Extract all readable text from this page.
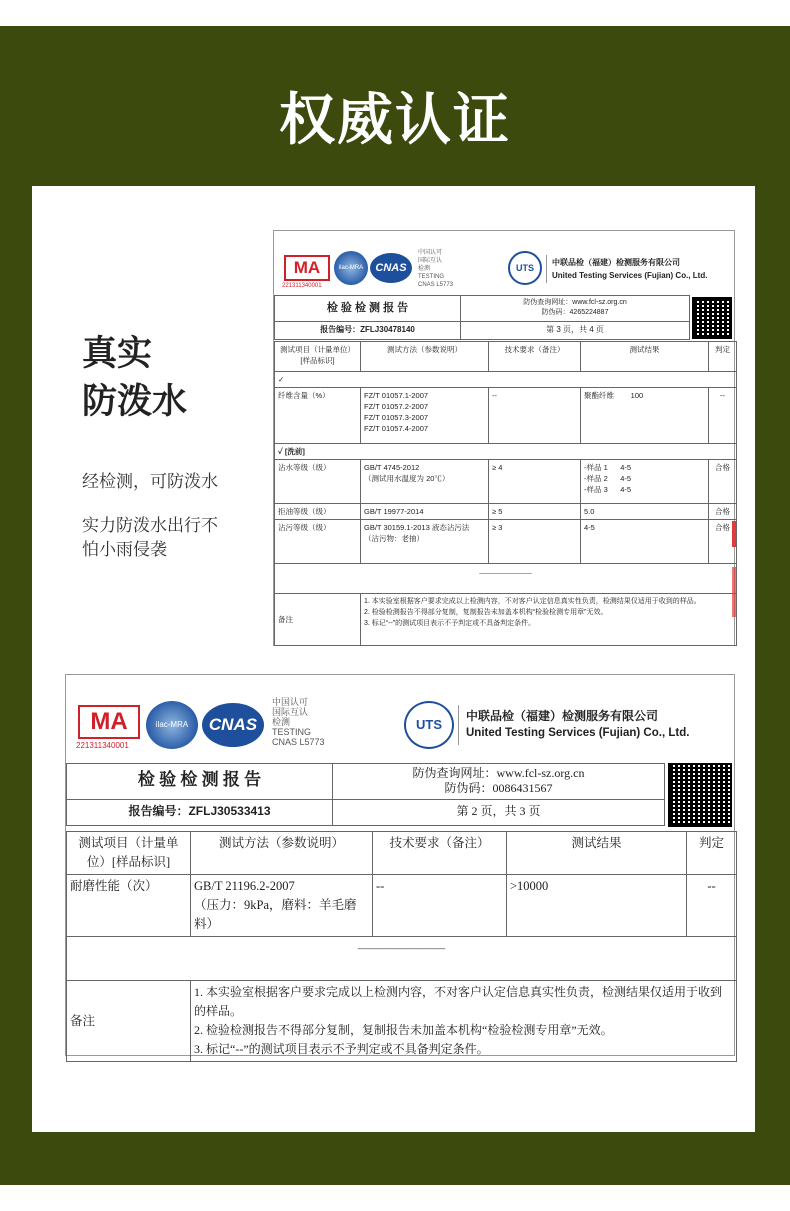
权威认证
真实
防泼水
经检测，可防泼水
实力防泼水出行不
怕小雨侵袭
MA
221311340001
ilac-MRA	CNAS
中国认可
国际互认
检测
TESTING
CNAS L5773
UTS
中联品检（福建）检测服务有限公司
United Testing Services (Fujian) Co., Ltd.
检 验 检 测 报 告	防伪查询网址：www.fcl-sz.org.cn
防伪码：4265224887

报告编号：ZFLJ30478140	第 3 页，共 4 页
测试项目（计量单位）[样品标识]	测试方法（参数说明）	技术要求（备注）	测试结果	判定
✓				
纤维含量（%）	FZ/T 01057.1-2007
FZ/T 01057.2-2007
FZ/T 01057.3-2007
FZ/T 01057.4-2007	--	聚酯纤维        100	--
✓ [洗前]				
沾水等级（级）	GB/T 4745-2012
（测试用水温度为 20℃）	≥ 4	-样品 1      4-5
-样品 2      4-5
-样品 3      4-5	合格
拒油等级（级）	GB/T 19977-2014	≥ 5	5.0	合格
沾污等级（级）	GB/T 30159.1-2013 液态沾污法
（沾污物：老抽）	≥ 3	4-5	合格
———————				
备注	1. 本实验室根据客户要求完成以上检测内容，不对客户认定信息真实性负责，检测结果仅适用于收到的样品。
2. 检验检测报告不得部分复制，复制报告未加盖本机构“检验检测专用章”无效。
3. 标记“--”的测试项目表示不予判定或不具备判定条件。			
MA
221311340001
ilac-MRA	CNAS
中国认可
国际互认
检测
TESTING
CNAS L5773
UTS
中联品检（福建）检测服务有限公司
United Testing Services (Fujian) Co., Ltd.
检 验 检 测 报 告	防伪查询网址：www.fcl-sz.org.cn
防伪码：0086431567

报告编号：ZFLJ30533413	第 2 页，共 3 页
测试项目（计量单位）[样品标识]	测试方法（参数说明）	技术要求（备注）	测试结果	判定
耐磨性能（次）	GB/T 21196.2-2007
（压力：9kPa，磨料：羊毛磨料）	--	>10000	--
———————				
备注	1. 本实验室根据客户要求完成以上检测内容，不对客户认定信息真实性负责，检测结果仅适用于收到的样品。
2. 检验检测报告不得部分复制，复制报告未加盖本机构“检验检测专用章”无效。
3. 标记“--”的测试项目表示不予判定或不具备判定条件。			
